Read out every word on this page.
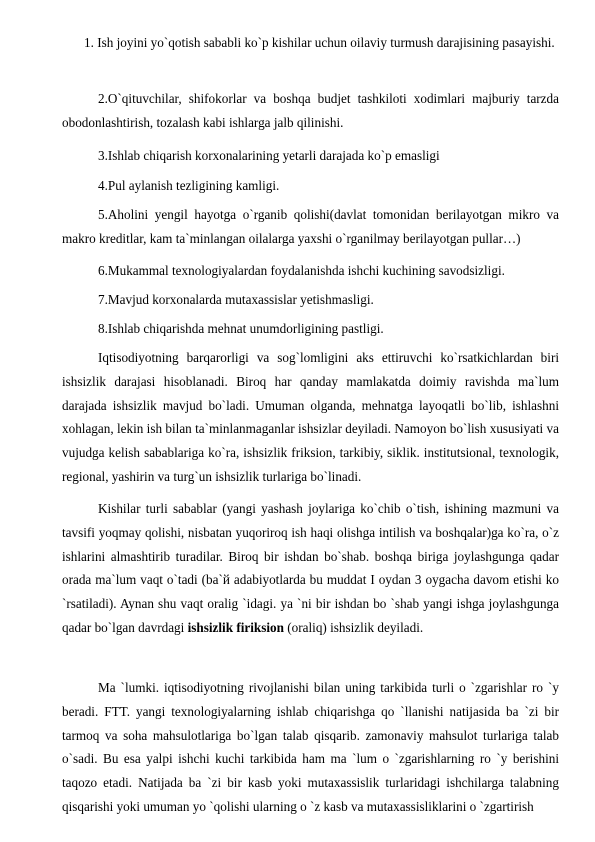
1. Ish joyini yo`qotish sababli ko`p kishilar uchun oilaviy turmush darajisining pasayishi.

2.O`qituvchilar, shifokorlar va boshqa budjet tashkiloti xodimlari majburiy tarzda obodonlashtirish, tozalash kabi ishlarga jalb qilinishi.

3.Ishlab chiqarish korxonalarining yetarli darajada ko`p emasligi

4.Pul aylanish tezligining kamligi.

5.Aholini yengil hayotga o`rganib qolishi(davlat tomonidan berilayotgan mikro va makro kreditlar, kam ta`minlangan oilalarga yaxshi o`rganilmay berilayotgan pullar…)

6.Mukammal texnologiyalardan foydalanishda ishchi kuchining savodsizligi.

7.Mavjud korxonalarda mutaxassislar yetishmasligi.

8.Ishlab chiqarishda mehnat unumdorligining pastligi.

Iqtisodiyotning barqarorligi va sog`lomligini aks ettiruvchi ko`rsatkichlardan biri ishsizlik darajasi hisoblanadi. Biroq har qanday mamlakatda doimiy ravishda ma`lum darajada ishsizlik mavjud bo`ladi. Umuman olganda, mehnatga layoqatli bo`lib, ishlashni xohlagan, lekin ish bilan ta`minlanmaganlar ishsizlar deyiladi. Namoyon bo`lish xususiyati va vujudga kelish sabablariga ko`ra, ishsizlik friksion, tarkibiy, siklik. institutsional, texnologik, regional, yashirin va turg`un ishsizlik turlariga bo`linadi.

Kishilar turli sabablar (yangi yashash joylariga ko`chib o`tish, ishining mazmuni va tavsifi yoqmay qolishi, nisbatan yuqoriroq ish haqi olishga intilish va boshqalar)ga ko`ra, o`z ishlarini almashtirib turadilar. Biroq bir ishdan bo`shab. boshqa biriga joylashgunga qadar orada ma`lum vaqt o`tadi (ba`й adabiyotlarda bu muddat I oydan 3 oygacha davom etishi ko `rsatiladi). Aynan shu vaqt oralig `idagi. ya `ni bir ishdan bo `shab yangi ishga joylashgunga qadar bo`lgan davrdagi ishsizlik firiksion (oraliq) ishsizlik deyiladi.

Ma `lumki. iqtisodiyotning rivojlanishi bilan uning tarkibida turli o `zgarishlar ro `y beradi. FTT. yangi texnologiyalarning ishlab chiqarishga qo `llanishi natijasida ba `zi bir tarmoq va soha mahsulotlariga bo`lgan talab qisqarib. zamonaviy mahsulot turlariga talab o`sadi. Bu esa yalpi ishchi kuchi tarkibida ham ma `lum o `zgarishlarning ro `y berishini taqozo etadi. Natijada ba `zi bir kasb yoki mutaxassislik turlaridagi ishchilarga talabning qisqarishi yoki umuman yo `qolishi ularning o `z kasb va mutaxassisliklarini o `zgartirish
